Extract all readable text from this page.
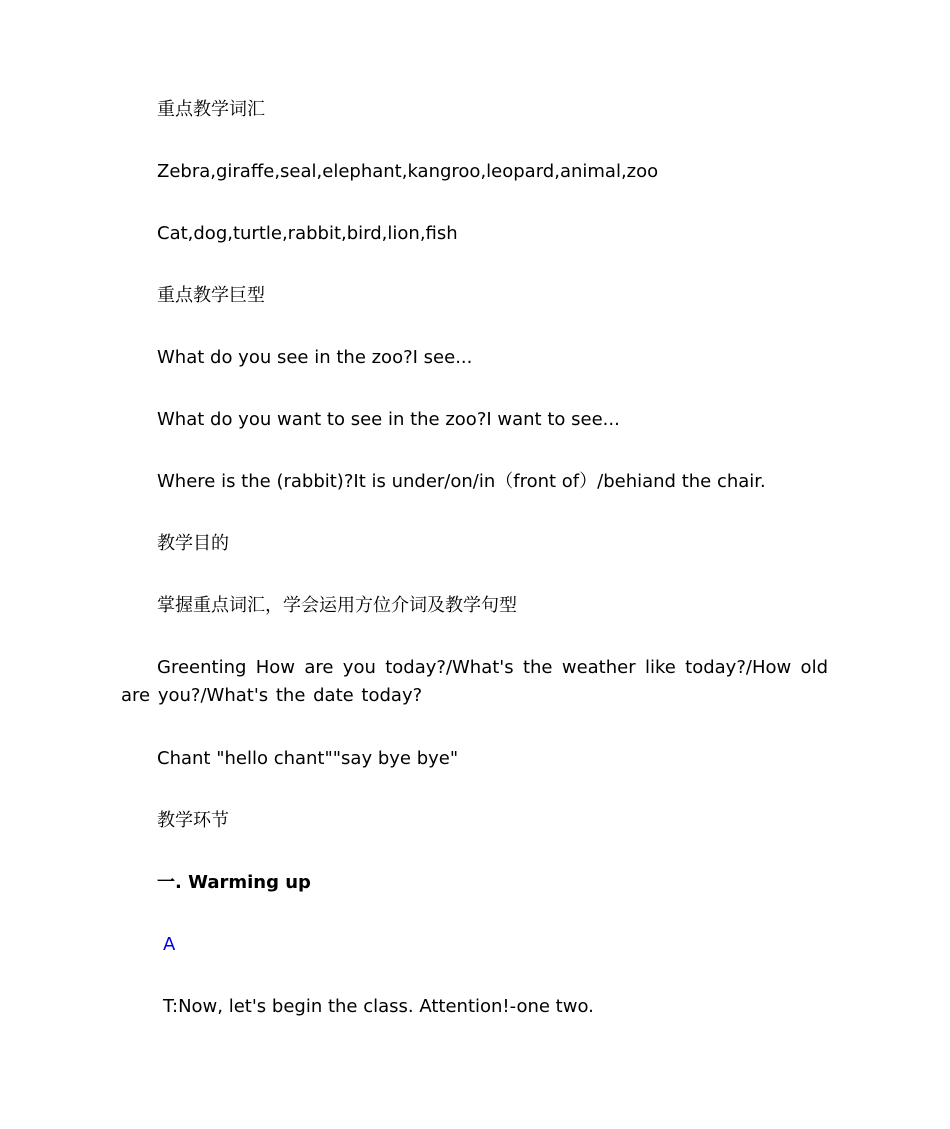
重点教学词汇
Zebra,giraffe,seal,elephant,kangroo,leopard,animal,zoo
Cat,dog,turtle,rabbit,bird,lion,fish
重点教学巨型
What do you see in the zoo?I see...
What do you want to see in the zoo?I want to see...
Where is the (rabbit)?It is under/on/in（front of）/behiand the chair.
教学目的
掌握重点词汇，学会运用方位介词及教学句型
Greenting How are you today?/What's the weather like today?/How old are you?/What's the date today?
Chant "hello chant""say bye bye"
教学环节
一. Warming up
A
T:Now, let's begin the class. Attention!-one two.
